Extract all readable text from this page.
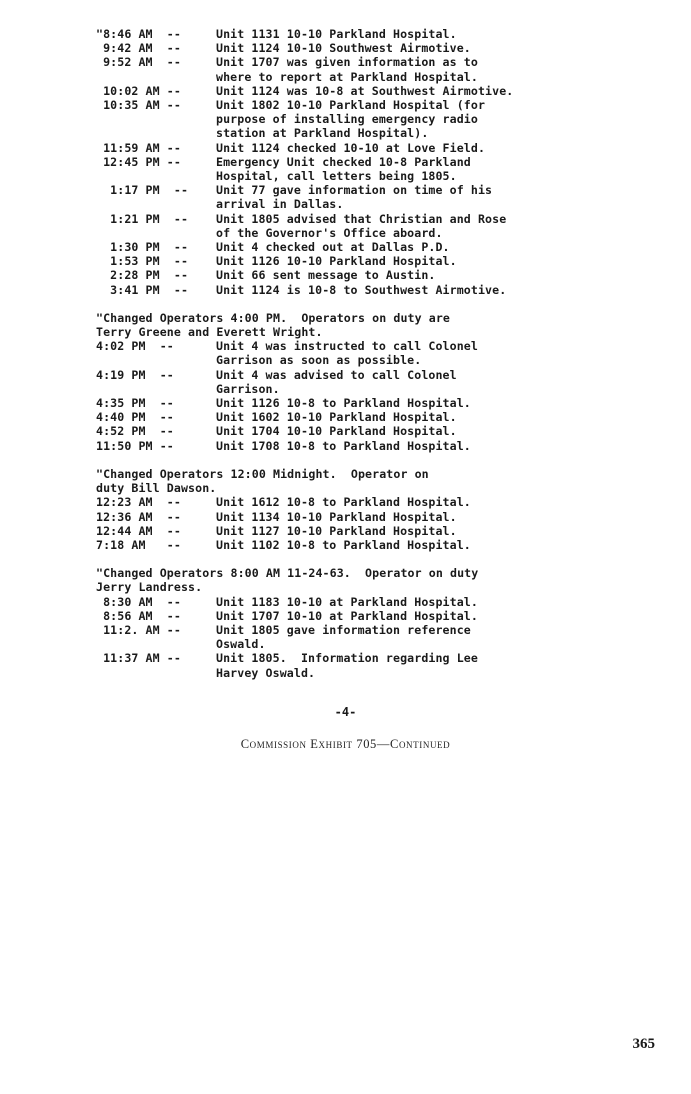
"8:46 AM  --	Unit 1131 10-10 Parkland Hospital.
9:42 AM  --	Unit 1124 10-10 Southwest Airmotive.
9:52 AM  --	Unit 1707 was given information as to
where to report at Parkland Hospital.
10:02 AM --	Unit 1124 was 10-8 at Southwest Airmotive.
10:35 AM --	Unit 1802 10-10 Parkland Hospital (for
purpose of installing emergency radio
station at Parkland Hospital).
11:59 AM --	Unit 1124 checked 10-10 at Love Field.
12:45 PM --	Emergency Unit checked 10-8 Parkland
Hospital, call letters being 1805.
1:17 PM  --	Unit 77 gave information on time of his
arrival in Dallas.
1:21 PM  --	Unit 1805 advised that Christian and Rose
of the Governor's Office aboard.
1:30 PM  --	Unit 4 checked out at Dallas P.D.
1:53 PM  --	Unit 1126 10-10 Parkland Hospital.
2:28 PM  --	Unit 66 sent message to Austin.
3:41 PM  --	Unit 1124 is 10-8 to Southwest Airmotive.
"Changed Operators 4:00 PM.  Operators on duty are
Terry Greene and Everett Wright.
4:02 PM  --	Unit 4 was instructed to call Colonel
Garrison as soon as possible.
4:19 PM  --	Unit 4 was advised to call Colonel
Garrison.
4:35 PM  --	Unit 1126 10-8 to Parkland Hospital.
4:40 PM  --	Unit 1602 10-10 Parkland Hospital.
4:52 PM  --	Unit 1704 10-10 Parkland Hospital.
11:50 PM --	Unit 1708 10-8 to Parkland Hospital.
"Changed Operators 12:00 Midnight.  Operator on
duty Bill Dawson.
12:23 AM  --	Unit 1612 10-8 to Parkland Hospital.
12:36 AM  --	Unit 1134 10-10 Parkland Hospital.
12:44 AM  --	Unit 1127 10-10 Parkland Hospital.
7:18 AM   --	Unit 1102 10-8 to Parkland Hospital.
"Changed Operators 8:00 AM 11-24-63.  Operator on duty
Jerry Landress.
8:30 AM  --	Unit 1183 10-10 at Parkland Hospital.
8:56 AM  --	Unit 1707 10-10 at Parkland Hospital.
11:2. AM --	Unit 1805 gave information reference
Oswald.
11:37 AM --	Unit 1805.  Information regarding Lee
Harvey Oswald.
-4-
Commission Exhibit 705—Continued
365
